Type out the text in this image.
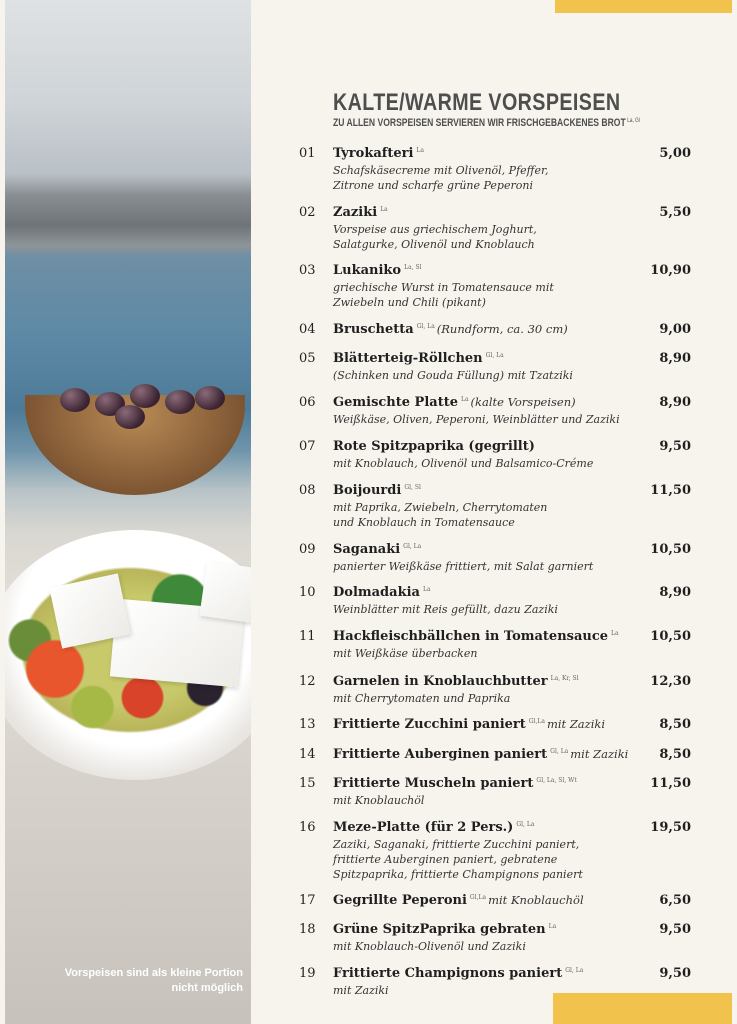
Vorspeisen sind als kleine Portion
nicht möglich
KALTE/WARME VORSPEISEN
ZU ALLEN VORSPEISEN SERVIEREN WIR FRISCHGEBACKENES BROT $^{La, Gl}$
01 Tyrokafteri $^{La}$
Schafskäsecreme mit Olivenöl, Pfeffer,
Zitrone und scharfe grüne Peperoni
5,00
02 Zaziki $^{La}$
Vorspeise aus griechischem Joghurt,
Salatgurke, Olivenöl und Knoblauch
5,50
03 Lukaniko $^{La, Sl}$
griechische Wurst in Tomatensauce mit
Zwiebeln und Chili (pikant)
10,90
04 Bruschetta $^{Gl, La}$ (Rundform, ca. 30 cm)	9,00
05 Blätterteig-Röllchen $^{Gl, La}$
(Schinken und Gouda Füllung) mit Tzatziki
8,90
06 Gemischte Platte $^{La}$ (kalte Vorspeisen)
Weißkäse, Oliven, Peperoni, Weinblätter und Zaziki
8,90
07 Rote Spitzpaprika (gegrillt)
mit Knoblauch, Olivenöl und Balsamico-Créme
9,50
08 Boijourdi $^{Gl, Sl}$
mit Paprika, Zwiebeln, Cherrytomaten
und Knoblauch in Tomatensauce
11,50
09 Saganaki $^{Gl, La}$
panierter Weißkäse frittiert, mit Salat garniert
10,50
10 Dolmadakia $^{La}$
Weinblätter mit Reis gefüllt, dazu Zaziki
8,90
11 Hackfleischbällchen in Tomatensauce $^{La}$
mit Weißkäse überbacken
10,50
12 Garnelen in Knoblauchbutter $^{La, Kr, Sl}$
mit Cherrytomaten und Paprika
12,30
13 Frittierte Zucchini paniert $^{Gl,La}$ mit Zaziki	8,50
14 Frittierte Auberginen paniert $^{Gl, La}$ mit Zaziki 8,50
15 Frittierte Muscheln paniert $^{Gl, La, Sl, Wt}$
mit Knoblauchöl
11,50
16 Meze-Platte (für 2 Pers.) $^{Gl, La}$
Zaziki, Saganaki, frittierte Zucchini paniert,
frittierte Auberginen paniert, gebratene
Spitzpaprika, frittierte Champignons paniert
19,50
17 Gegrillte Peperoni $^{Gl,La}$ mit Knoblauchöl	6,50
18 Grüne SpitzPaprika gebraten $^{La}$
mit Knoblauch-Olivenöl und Zaziki
9,50
19 Frittierte Champignons paniert $^{Gl, La}$
mit Zaziki
9,50
